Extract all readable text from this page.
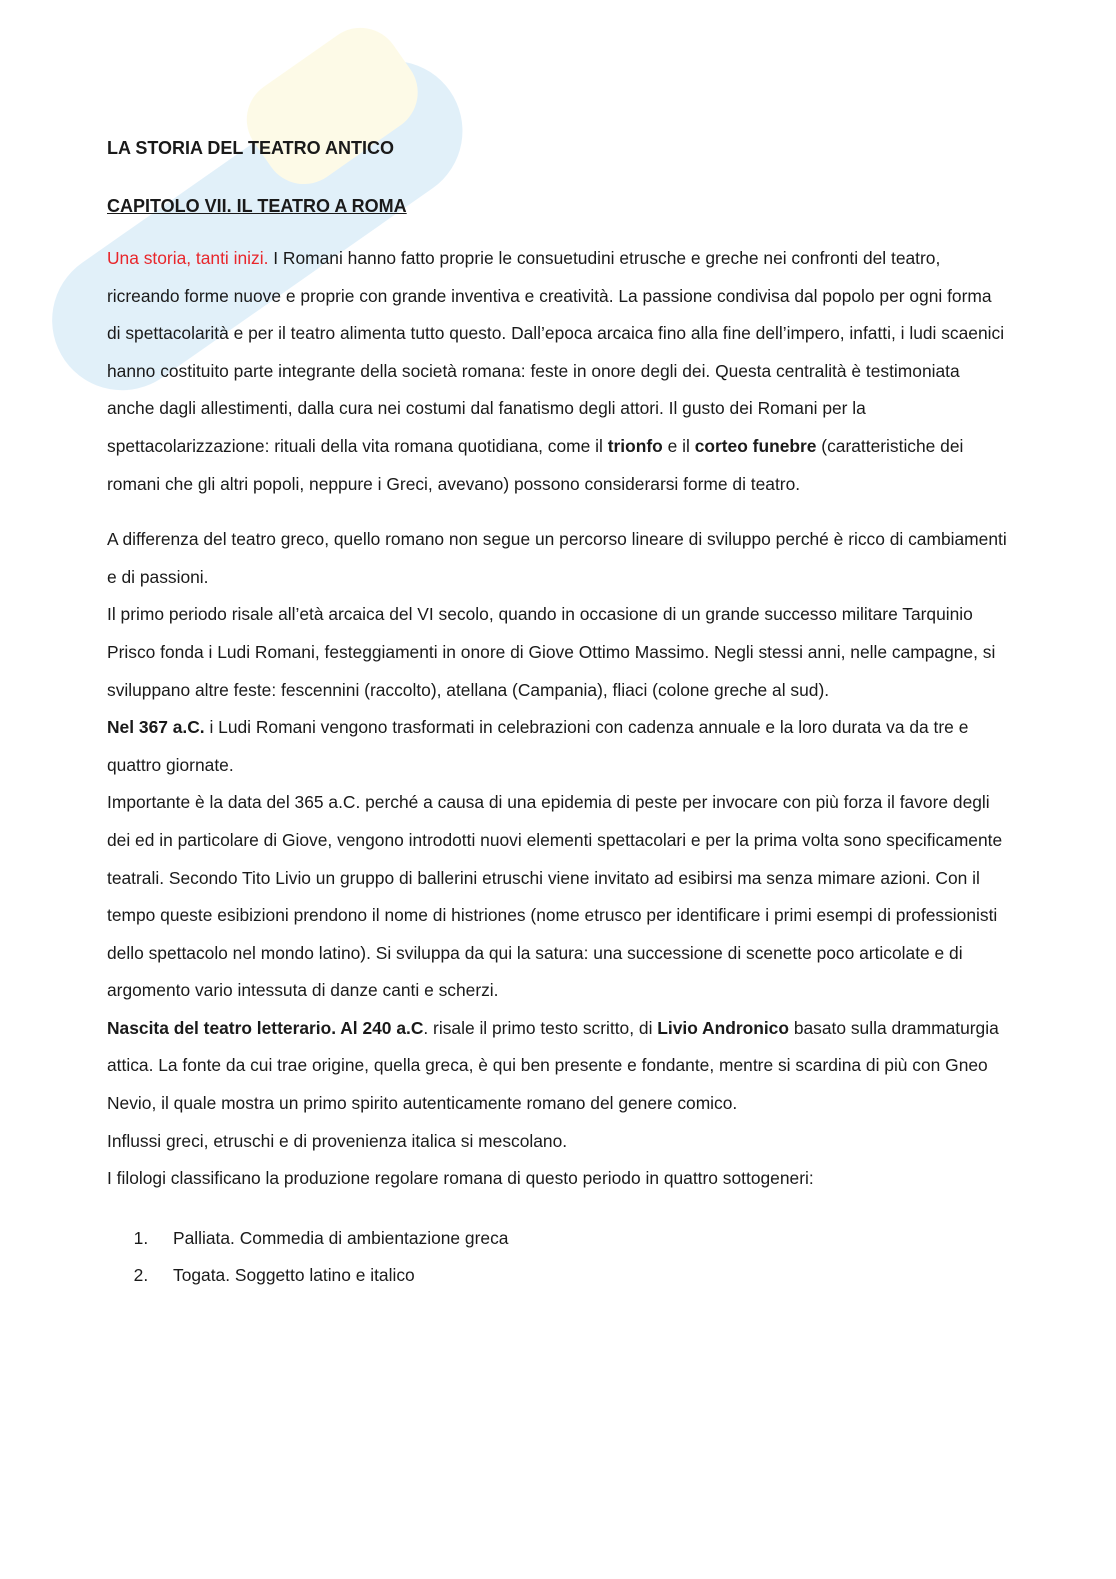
LA STORIA DEL TEATRO ANTICO
CAPITOLO VII. IL TEATRO A ROMA

Una storia, tanti inizi. I Romani hanno fatto proprie le consuetudini etrusche e greche nei confronti del teatro, ricreando forme nuove e proprie con grande inventiva e creatività. La passione condivisa dal popolo per ogni forma di spettacolarità e per il teatro alimenta tutto questo. Dall’epoca arcaica fino alla fine dell’impero, infatti, i ludi scaenici hanno costituito parte integrante della società romana: feste in onore degli dei. Questa centralità è testimoniata anche dagli allestimenti, dalla cura nei costumi dal fanatismo degli attori. Il gusto dei Romani per la spettacolarizzazione: rituali della vita romana quotidiana, come il trionfo e il corteo funebre (caratteristiche dei romani che gli altri popoli, neppure i Greci, avevano) possono considerarsi forme di teatro.

A differenza del teatro greco, quello romano non segue un percorso lineare di sviluppo perché è ricco di cambiamenti e di passioni.

Il primo periodo risale all’età arcaica del VI secolo, quando in occasione di un grande successo militare Tarquinio Prisco fonda i Ludi Romani, festeggiamenti in onore di Giove Ottimo Massimo. Negli stessi anni, nelle campagne, si sviluppano altre feste: fescennini (raccolto), atellana (Campania), fliaci (colone greche al sud).

Nel 367 a.C. i Ludi Romani vengono trasformati in celebrazioni con cadenza annuale e la loro durata va da tre e quattro giornate.

Importante è la data del 365 a.C. perché a causa di una epidemia di peste per invocare con più forza il favore degli dei ed in particolare di Giove, vengono introdotti nuovi elementi spettacolari e per la prima volta sono specificamente teatrali. Secondo Tito Livio un gruppo di ballerini etruschi viene invitato ad esibirsi ma senza mimare azioni. Con il tempo queste esibizioni prendono il nome di histriones (nome etrusco per identificare i primi esempi di professionisti dello spettacolo nel mondo latino). Si sviluppa da qui la satura: una successione di scenette poco articolate e di argomento vario intessuta di danze canti e scherzi.

Nascita del teatro letterario. Al 240 a.C. risale il primo testo scritto, di Livio Andronico basato sulla drammaturgia attica. La fonte da cui trae origine, quella greca, è qui ben presente e fondante, mentre si scardina di più con Gneo Nevio, il quale mostra un primo spirito autenticamente romano del genere comico.

Influssi greci, etruschi e di provenienza italica si mescolano.

I filologi classificano la produzione regolare romana di questo periodo in quattro sottogeneri:

1. Palliata. Commedia di ambientazione greca
2. Togata. Soggetto latino e italico
